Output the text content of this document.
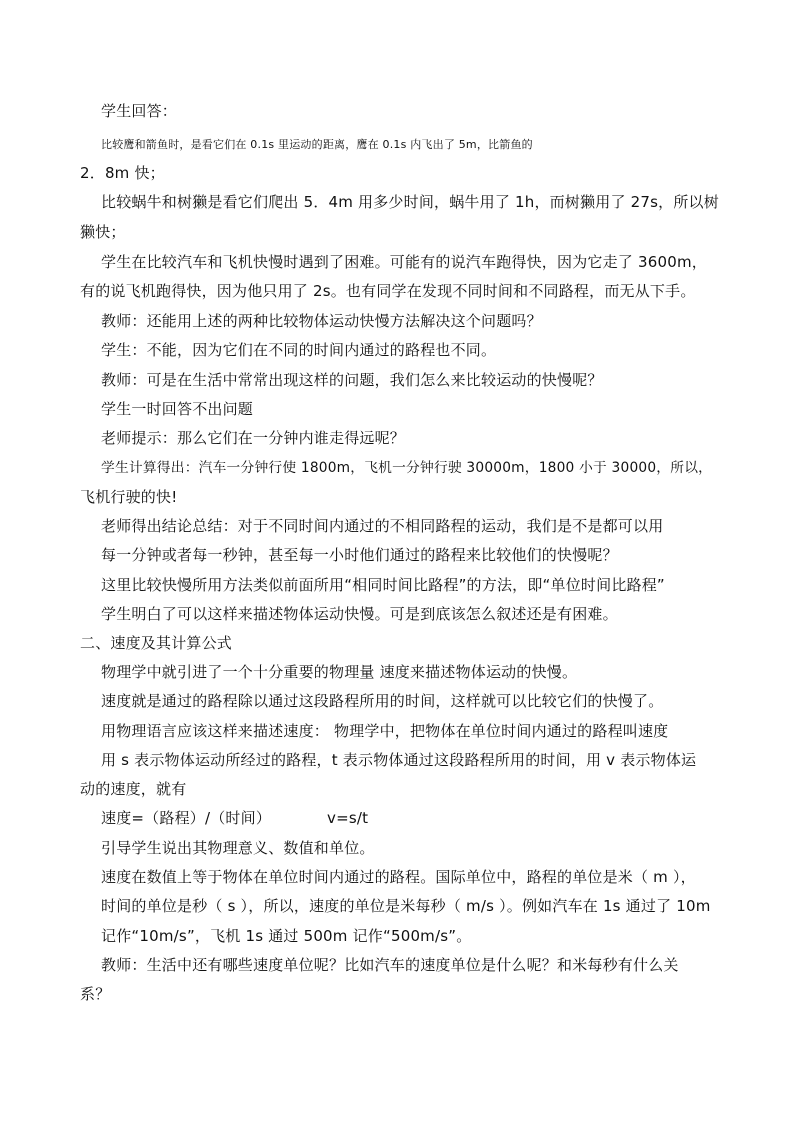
学生回答：
比较鹰和箭鱼时，是看它们在 0.1s 里运动的距离，鹰在 0.1s 内飞出了 5m，比箭鱼的
2．8m 快；
比较蜗牛和树獭是看它们爬出 5．4m 用多少时间，蜗牛用了 1h，而树獭用了 27s，所以树
獭快；
学生在比较汽车和飞机快慢时遇到了困难。可能有的说汽车跑得快，因为它走了 3600m，
有的说飞机跑得快，因为他只用了 2s。也有同学在发现不同时间和不同路程，而无从下手。
教师：还能用上述的两种比较物体运动快慢方法解决这个问题吗？
学生：不能，因为它们在不同的时间内通过的路程也不同。
教师：可是在生活中常常出现这样的问题，我们怎么来比较运动的快慢呢？
学生一时回答不出问题
老师提示：那么它们在一分钟内谁走得远呢？
学生计算得出：汽车一分钟行使 1800m，飞机一分钟行驶 30000m，1800 小于 30000，所以，
飞机行驶的快!
老师得出结论总结：对于不同时间内通过的不相同路程的运动，我们是不是都可以用
每一分钟或者每一秒钟，甚至每一小时他们通过的路程来比较他们的快慢呢？
这里比较快慢所用方法类似前面所用“相同时间比路程”的方法，即“单位时间比路程”
学生明白了可以这样来描述物体运动快慢。可是到底该怎么叙述还是有困难。
二、速度及其计算公式
物理学中就引进了一个十分重要的物理量 速度来描述物体运动的快慢。
速度就是通过的路程除以通过这段路程所用的时间，这样就可以比较它们的快慢了。
用物理语言应该这样来描述速度： 物理学中，把物体在单位时间内通过的路程叫速度
用 s 表示物体运动所经过的路程，t 表示物体通过这段路程所用的时间，用 v 表示物体运
动的速度，就有
速度=（路程）/（时间）	v=s/t
引导学生说出其物理意义、数值和单位。
速度在数值上等于物体在单位时间内通过的路程。国际单位中，路程的单位是米（ m ），
时间的单位是秒（ s ），所以，速度的单位是米每秒（ m/s ）。例如汽车在 1s 通过了 10m
记作“10m/s”，飞机 1s 通过 500m 记作“500m/s”。
教师：生活中还有哪些速度单位呢？比如汽车的速度单位是什么呢？和米每秒有什么关
系？
